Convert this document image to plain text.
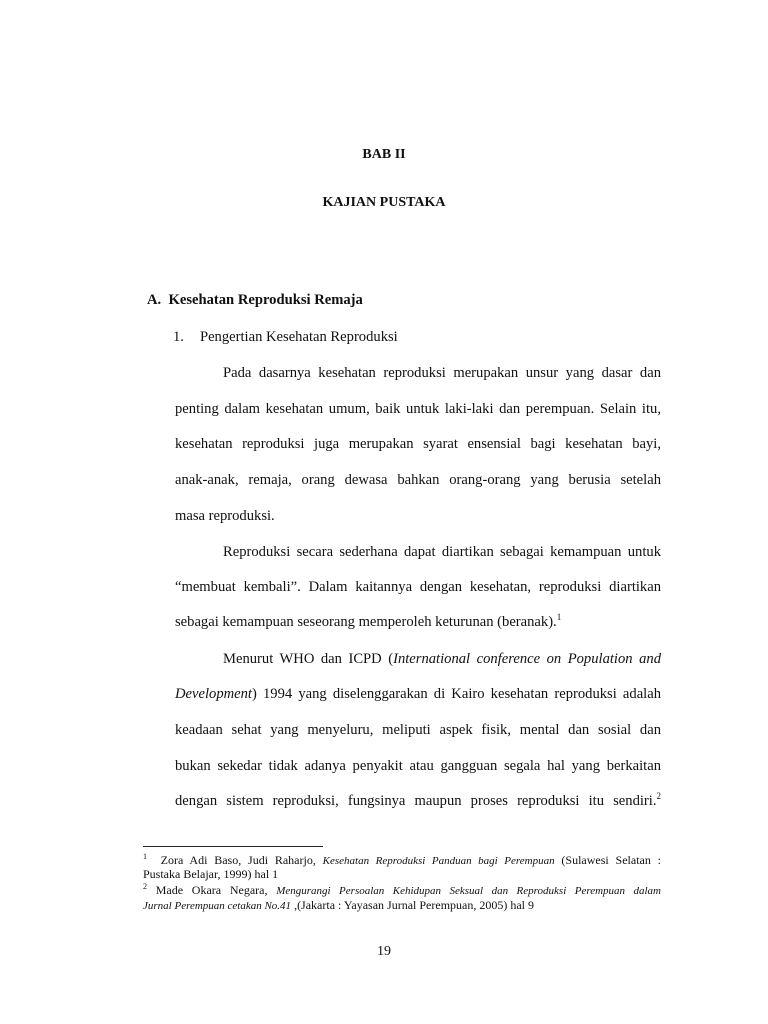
BAB II
KAJIAN PUSTAKA
A. Kesehatan Reproduksi Remaja
1. Pengertian Kesehatan Reproduksi
Pada dasarnya kesehatan reproduksi merupakan unsur yang dasar dan
penting dalam kesehatan umum, baik untuk laki-laki dan perempuan. Selain itu,
kesehatan reproduksi juga merupakan syarat ensensial bagi kesehatan bayi,
anak-anak, remaja, orang dewasa bahkan orang-orang yang berusia setelah
masa reproduksi.
Reproduksi secara sederhana dapat diartikan sebagai kemampuan untuk
“membuat kembali”. Dalam kaitannya dengan kesehatan, reproduksi diartikan
sebagai kemampuan seseorang memperoleh keturunan (beranak).$^1$
Menurut WHO dan ICPD (International conference on Population and
Development) 1994 yang diselenggarakan di Kairo kesehatan reproduksi adalah
keadaan sehat yang menyeluru, meliputi aspek fisik, mental dan sosial dan
bukan sekedar tidak adanya penyakit atau gangguan segala hal yang berkaitan
dengan sistem reproduksi, fungsinya maupun proses reproduksi itu sendiri.$^2$
$^1$ Zora Adi Baso, Judi Raharjo, Kesehatan Reproduksi Panduan bagi Perempuan (Sulawesi Selatan :
Pustaka Belajar, 1999) hal 1
$^2$ Made Okara Negara, Mengurangi Persoalan Kehidupan Seksual dan Reproduksi Perempuan dalam
Jurnal Perempuan cetakan No.41 ,(Jakarta : Yayasan Jurnal Perempuan, 2005) hal 9
19
